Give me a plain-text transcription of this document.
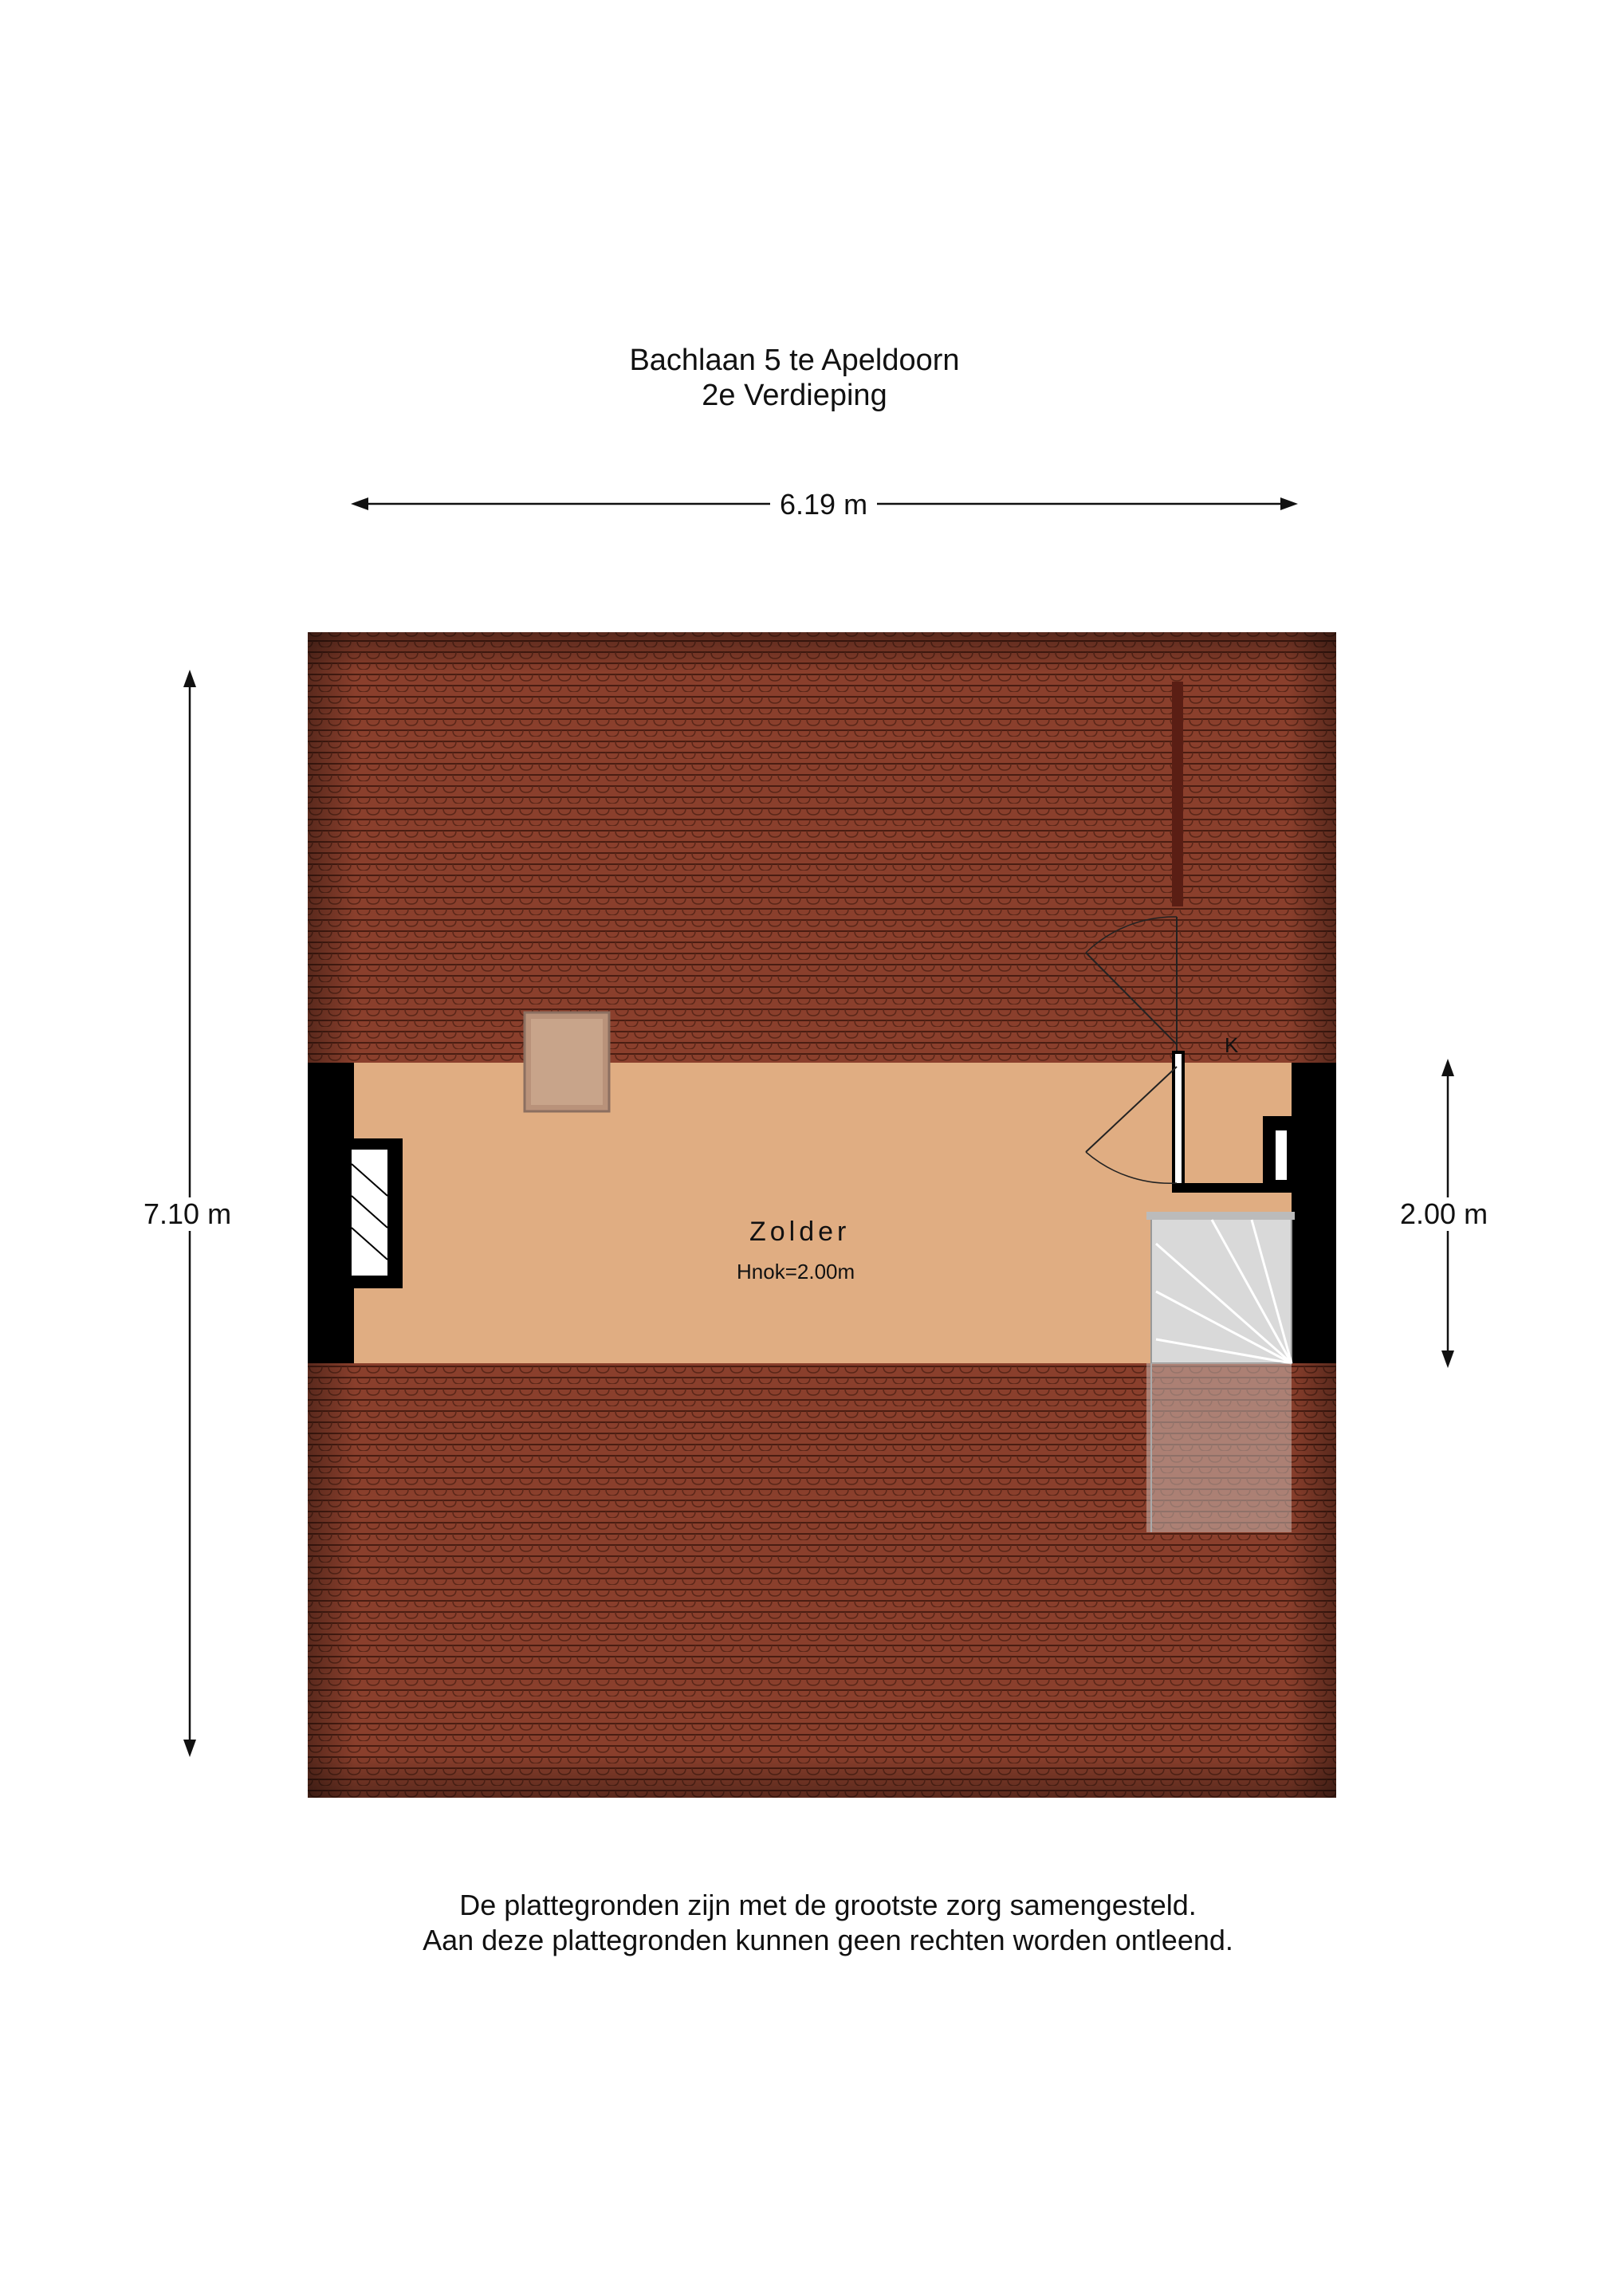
Bachlaan 5 te Apeldoorn
2e Verdieping
6.19 m
7.10 m	2.00 m
Zolder
Hnok=2.00m
K
De plattegronden zijn met de grootste zorg samengesteld.
Aan deze plattegronden kunnen geen rechten worden ontleend.
